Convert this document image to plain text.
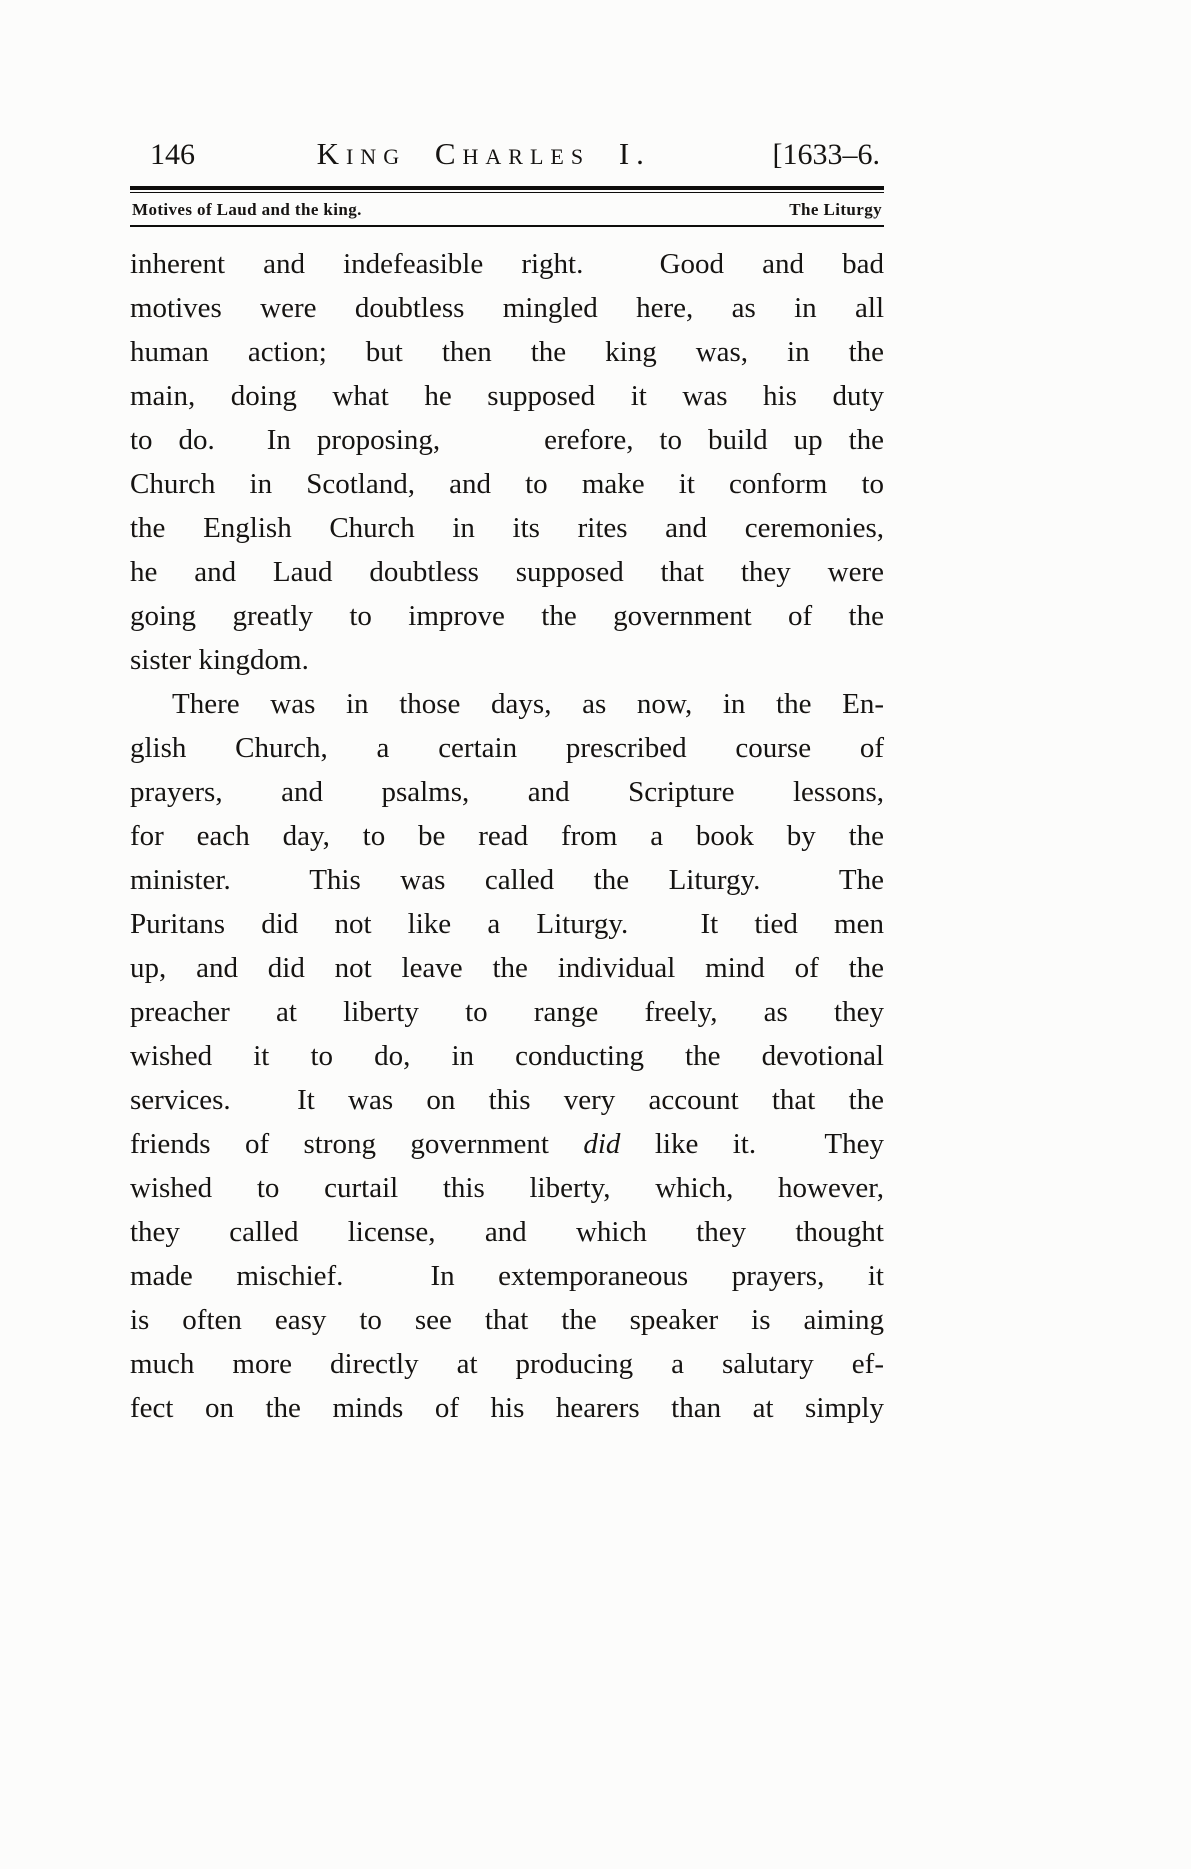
146	King Charles I.	[1633–6.
Motives of Laud and the king.	The Liturgy
inherent and indefeasible right.  Good and bad
motives were doubtless mingled here, as in all
human action; but then the king was, in the
main, doing what he supposed it was his duty
to do.  In proposing,    erefore, to build up the
Church in Scotland, and to make it conform to
the English Church in its rites and ceremonies,
he and Laud doubtless supposed that they were
going greatly to improve the government of the
sister kingdom.
There was in those days, as now, in the En-
glish Church, a certain prescribed course of
prayers, and psalms, and Scripture lessons,
for each day, to be read from a book by the
minister.  This was called the Liturgy.  The
Puritans did not like a Liturgy.  It tied men
up, and did not leave the individual mind of the
preacher at liberty to range freely, as they
wished it to do, in conducting the devotional
services.  It was on this very account that the
friends of strong government did like it.  They
wished to curtail this liberty, which, however,
they called license, and which they thought
made mischief.  In extemporaneous prayers, it
is often easy to see that the speaker is aiming
much more directly at producing a salutary ef-
fect on the minds of his hearers than at simply
